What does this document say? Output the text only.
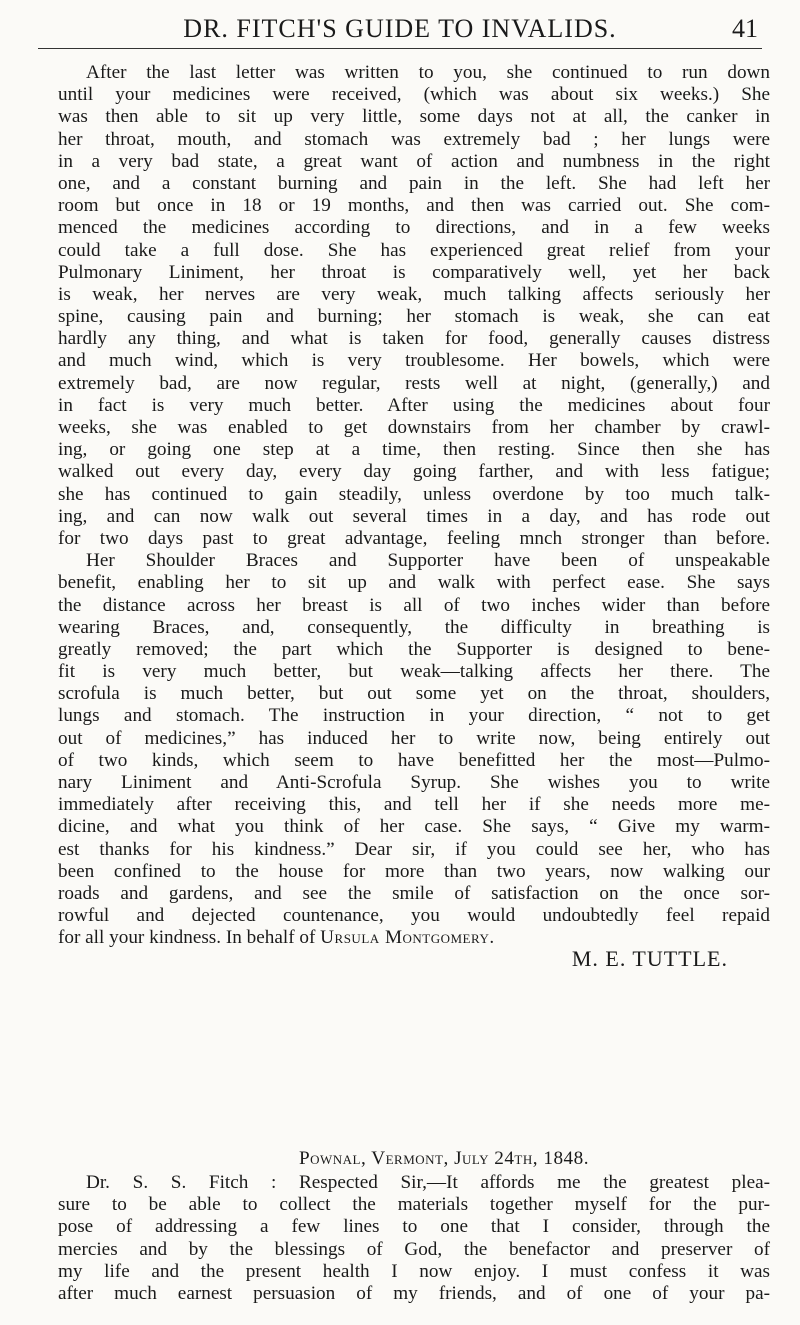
DR. FITCH'S GUIDE TO INVALIDS.	41
After the last letter was written to you, she continued to run down
until your medicines were received, (which was about six weeks.) She
was then able to sit up very little, some days not at all, the canker in
her throat, mouth, and stomach was extremely bad ; her lungs were
in a very bad state, a great want of action and numbness in the right
one, and a constant burning and pain in the left. She had left her
room but once in 18 or 19 months, and then was carried out. She com-
menced the medicines according to directions, and in a few weeks
could take a full dose. She has experienced great relief from your
Pulmonary Liniment, her throat is comparatively well, yet her back
is weak, her nerves are very weak, much talking affects seriously her
spine, causing pain and burning; her stomach is weak, she can eat
hardly any thing, and what is taken for food, generally causes distress
and much wind, which is very troublesome. Her bowels, which were
extremely bad, are now regular, rests well at night, (generally,) and
in fact is very much better. After using the medicines about four
weeks, she was enabled to get downstairs from her chamber by crawl-
ing, or going one step at a time, then resting. Since then she has
walked out every day, every day going farther, and with less fatigue;
she has continued to gain steadily, unless overdone by too much talk-
ing, and can now walk out several times in a day, and has rode out
for two days past to great advantage, feeling mnch stronger than before.
Her Shoulder Braces and Supporter have been of unspeakable
benefit, enabling her to sit up and walk with perfect ease. She says
the distance across her breast is all of two inches wider than before
wearing Braces, and, consequently, the difficulty in breathing is
greatly removed; the part which the Supporter is designed to bene-
fit is very much better, but weak—talking affects her there. The
scrofula is much better, but out some yet on the throat, shoulders,
lungs and stomach. The instruction in your direction, “ not to get
out of medicines,” has induced her to write now, being entirely out
of two kinds, which seem to have benefitted her the most—Pulmo-
nary Liniment and Anti-Scrofula Syrup. She wishes you to write
immediately after receiving this, and tell her if she needs more me-
dicine, and what you think of her case. She says, “ Give my warm-
est thanks for his kindness.” Dear sir, if you could see her, who has
been confined to the house for more than two years, now walking our
roads and gardens, and see the smile of satisfaction on the once sor-
rowful and dejected countenance, you would undoubtedly feel repaid
for all your kindness. In behalf of Ursula Montgomery.
M. E. TUTTLE.
Pownal, Vermont, July 24th, 1848.
Dr. S. S. Fitch : Respected Sir,—It affords me the greatest plea-
sure to be able to collect the materials together myself for the pur-
pose of addressing a few lines to one that I consider, through the
mercies and by the blessings of God, the benefactor and preserver of
my life and the present health I now enjoy. I must confess it was
after much earnest persuasion of my friends, and of one of your pa-
